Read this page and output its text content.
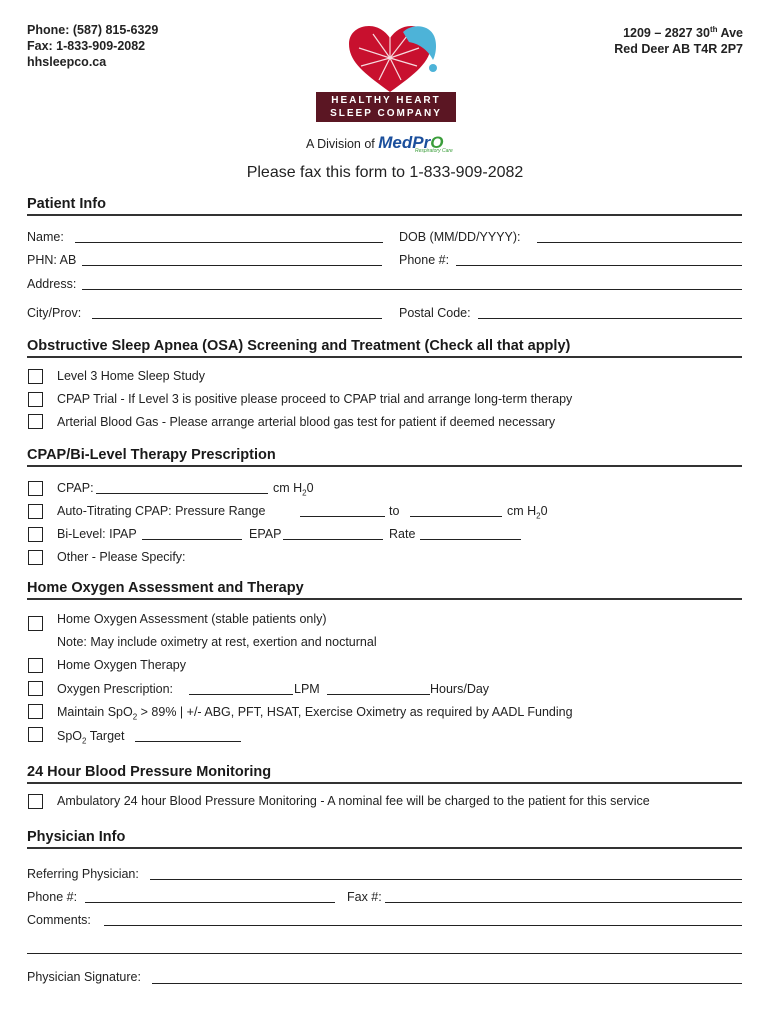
Phone: (587) 815-6329
Fax: 1-833-909-2082
hhsleepco.ca
1209 – 2827 30th Ave
Red Deer AB T4R 2P7
HEALTHY HEART
SLEEP COMPANY
A Division of MedPrO
Respiratory Care
Please fax this form to 1-833-909-2082
Patient Info
Name:	DOB (MM/DD/YYYY):
PHN: AB	Phone #:
Address:
City/Prov:	Postal Code:
Obstructive Sleep Apnea (OSA) Screening and Treatment (Check all that apply)
Level 3 Home Sleep Study
CPAP Trial - If Level 3 is positive please proceed to CPAP trial and arrange long-term therapy
Arterial Blood Gas - Please arrange arterial blood gas test for patient if deemed necessary
CPAP/Bi-Level Therapy Prescription
CPAP:	cm $H_20$
Auto-Titrating CPAP: Pressure Range	to	cm $H_20$
Bi-Level: IPAP	EPAP	Rate
Other - Please Specify:
Home Oxygen Assessment and Therapy
Home Oxygen Assessment (stable patients only)
Note: May include oximetry at rest, exertion and nocturnal
Home Oxygen Therapy
Oxygen Prescription:	LPM	Hours/Day
Maintain SpO$_2$ > 89% | +/- ABG, PFT, HSAT, Exercise Oximetry as required by AADL Funding
SpO$_2$ Target
24 Hour Blood Pressure Monitoring
Ambulatory 24 hour Blood Pressure Monitoring - A nominal fee will be charged to the patient for this service
Physician Info
Referring Physician:
Phone #:	Fax #:
Comments:
Physician Signature:
